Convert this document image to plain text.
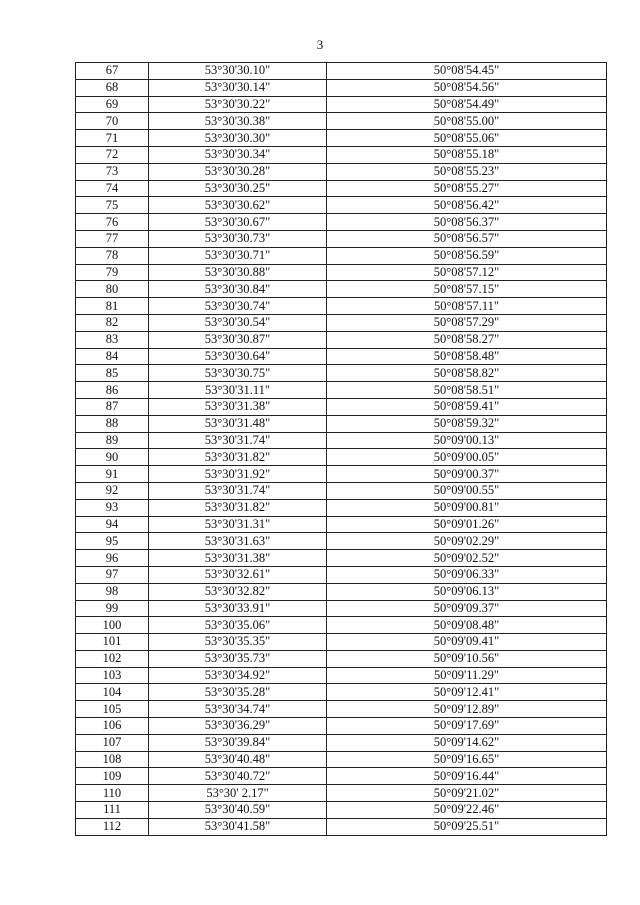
3
67	53°30'30.10"	50°08'54.45"
68	53°30'30.14"	50°08'54.56"
69	53°30'30.22"	50°08'54.49"
70	53°30'30.38"	50°08'55.00"
71	53°30'30.30"	50°08'55.06"
72	53°30'30.34"	50°08'55.18"
73	53°30'30.28"	50°08'55.23"
74	53°30'30.25"	50°08'55.27"
75	53°30'30.62"	50°08'56.42"
76	53°30'30.67"	50°08'56.37"
77	53°30'30.73"	50°08'56.57"
78	53°30'30.71"	50°08'56.59"
79	53°30'30.88"	50°08'57.12"
80	53°30'30.84"	50°08'57.15"
81	53°30'30.74"	50°08'57.11"
82	53°30'30.54"	50°08'57.29"
83	53°30'30.87"	50°08'58.27"
84	53°30'30.64"	50°08'58.48"
85	53°30'30.75"	50°08'58.82"
86	53°30'31.11"	50°08'58.51"
87	53°30'31.38"	50°08'59.41"
88	53°30'31.48"	50°08'59.32"
89	53°30'31.74"	50°09'00.13"
90	53°30'31.82"	50°09'00.05"
91	53°30'31.92"	50°09'00.37"
92	53°30'31.74"	50°09'00.55"
93	53°30'31.82"	50°09'00.81"
94	53°30'31.31"	50°09'01.26"
95	53°30'31.63"	50°09'02.29"
96	53°30'31.38"	50°09'02.52"
97	53°30'32.61"	50°09'06.33"
98	53°30'32.82"	50°09'06.13"
99	53°30'33.91"	50°09'09.37"
100	53°30'35.06"	50°09'08.48"
101	53°30'35.35"	50°09'09.41"
102	53°30'35.73"	50°09'10.56"
103	53°30'34.92"	50°09'11.29"
104	53°30'35.28"	50°09'12.41"
105	53°30'34.74"	50°09'12.89"
106	53°30'36.29"	50°09'17.69"
107	53°30'39.84"	50°09'14.62"
108	53°30'40.48"	50°09'16.65"
109	53°30'40.72"	50°09'16.44"
110	53°30' 2.17"	50°09'21.02"
111	53°30'40.59"	50°09'22.46"
112	53°30'41.58"	50°09'25.51"
